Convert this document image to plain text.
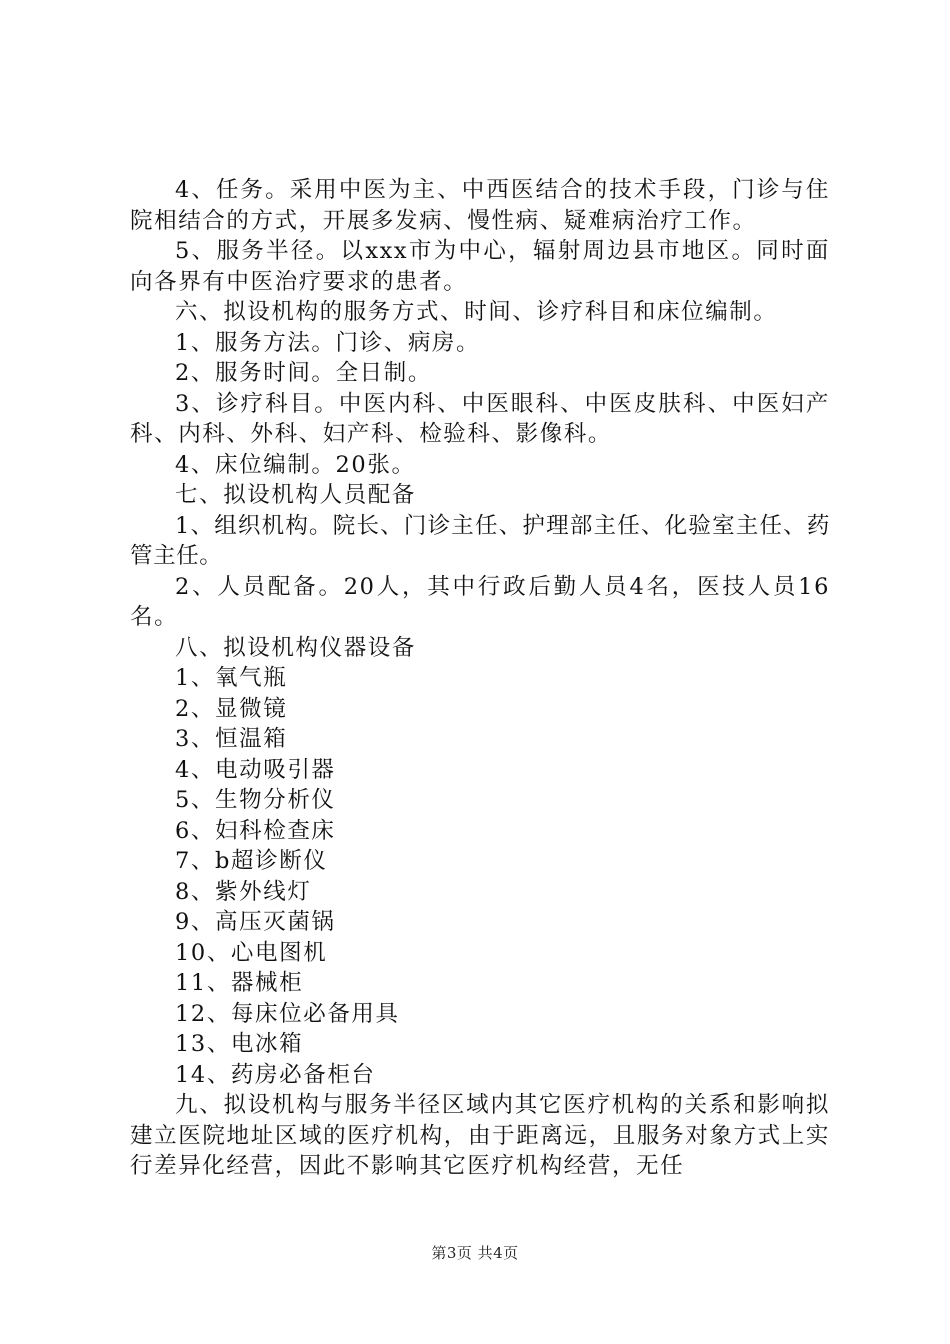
4、任务。采用中医为主、中西医结合的技术手段，门诊与住院相结合的方式，开展多发病、慢性病、疑难病治疗工作。

5、服务半径。以xxx市为中心，辐射周边县市地区。同时面向各界有中医治疗要求的患者。

六、拟设机构的服务方式、时间、诊疗科目和床位编制。

1、服务方法。门诊、病房。

2、服务时间。全日制。

3、诊疗科目。中医内科、中医眼科、中医皮肤科、中医妇产科、内科、外科、妇产科、检验科、影像科。

4、床位编制。20张。

七、拟设机构人员配备

1、组织机构。院长、门诊主任、护理部主任、化验室主任、药管主任。

2、人员配备。20人，其中行政后勤人员4名，医技人员16名。

八、拟设机构仪器设备

1、氧气瓶

2、显微镜

3、恒温箱

4、电动吸引器

5、生物分析仪

6、妇科检查床

7、b超诊断仪

8、紫外线灯

9、高压灭菌锅

10、心电图机

11、器械柜

12、每床位必备用具

13、电冰箱

14、药房必备柜台

九、拟设机构与服务半径区域内其它医疗机构的关系和影响拟建立医院地址区域的医疗机构，由于距离远，且服务对象方式上实行差异化经营，因此不影响其它医疗机构经营，无任

第3页 共4页
